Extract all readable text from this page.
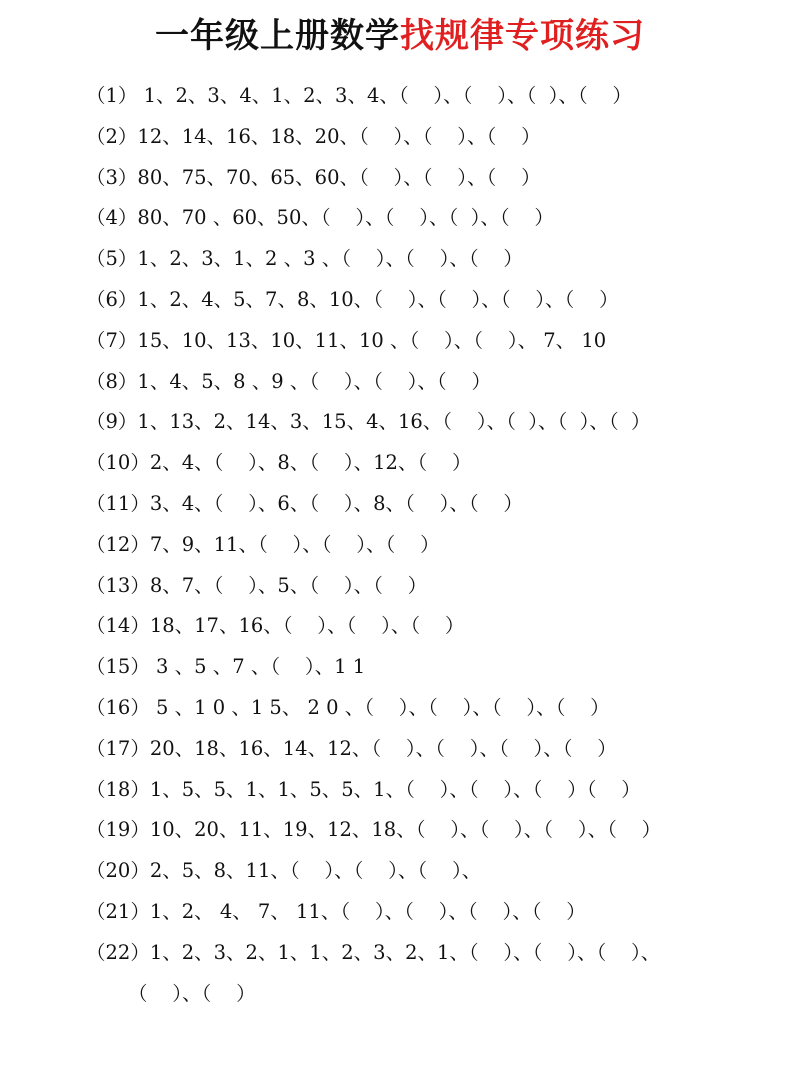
一年级上册数学找规律专项练习
（1） 1、2、3、4、1、2、3、4、（    ）、（    ）、（  ）、（    ）
（2）12、14、16、18、20、（    ）、（    ）、（    ）
（3）80、75、70、65、60、（    ）、（    ）、（    ）
（4）80、70 、60、50、（    ）、（    ）、（  ）、（    ）
（5）1、2、3、1、2 、3 、（    ）、（    ）、（    ）
（6）1、2、4、5、7、8、10、（    ）、（    ）、（    ）、（    ）
（7）15、10、13、10、11、10 、（    ）、（    ）、 7、 10
（8）1、4、5、8 、9 、（    ）、（    ）、（    ）
（9）1、13、2、14、3、15、4、16、（    ）、（  ）、（  ）、（  ）
（10）2、4、（    ）、8、（    ）、12、（    ）
（11）3、4、（    ）、6、（    ）、8、（    ）、（    ）
（12）7、9、11、（    ）、（    ）、（    ）
（13）8、7、（    ）、5、（    ）、（    ）
（14）18、17、16、（    ）、（    ）、（    ）
（15） 3 、5 、7 、（    ）、1 1
（16） 5 、1 0 、1 5、 2 0 、（    ）、（    ）、（    ）、（    ）
（17）20、18、16、14、12、（    ）、（    ）、（    ）、（    ）
（18）1、5、5、1、1、5、5、1、（    ）、（    ）、（    ）（    ）
（19）10、20、11、19、12、18、（    ）、（    ）、（    ）、（    ）
（20）2、5、8、11、（    ）、（    ）、（    ）、
（21）1、2、 4、 7、 11、（    ）、（    ）、（    ）、（    ）
（22）1、2、3、2、1、1、2、3、2、1、（    ）、（    ）、（    ）、
（    ）、（    ）
